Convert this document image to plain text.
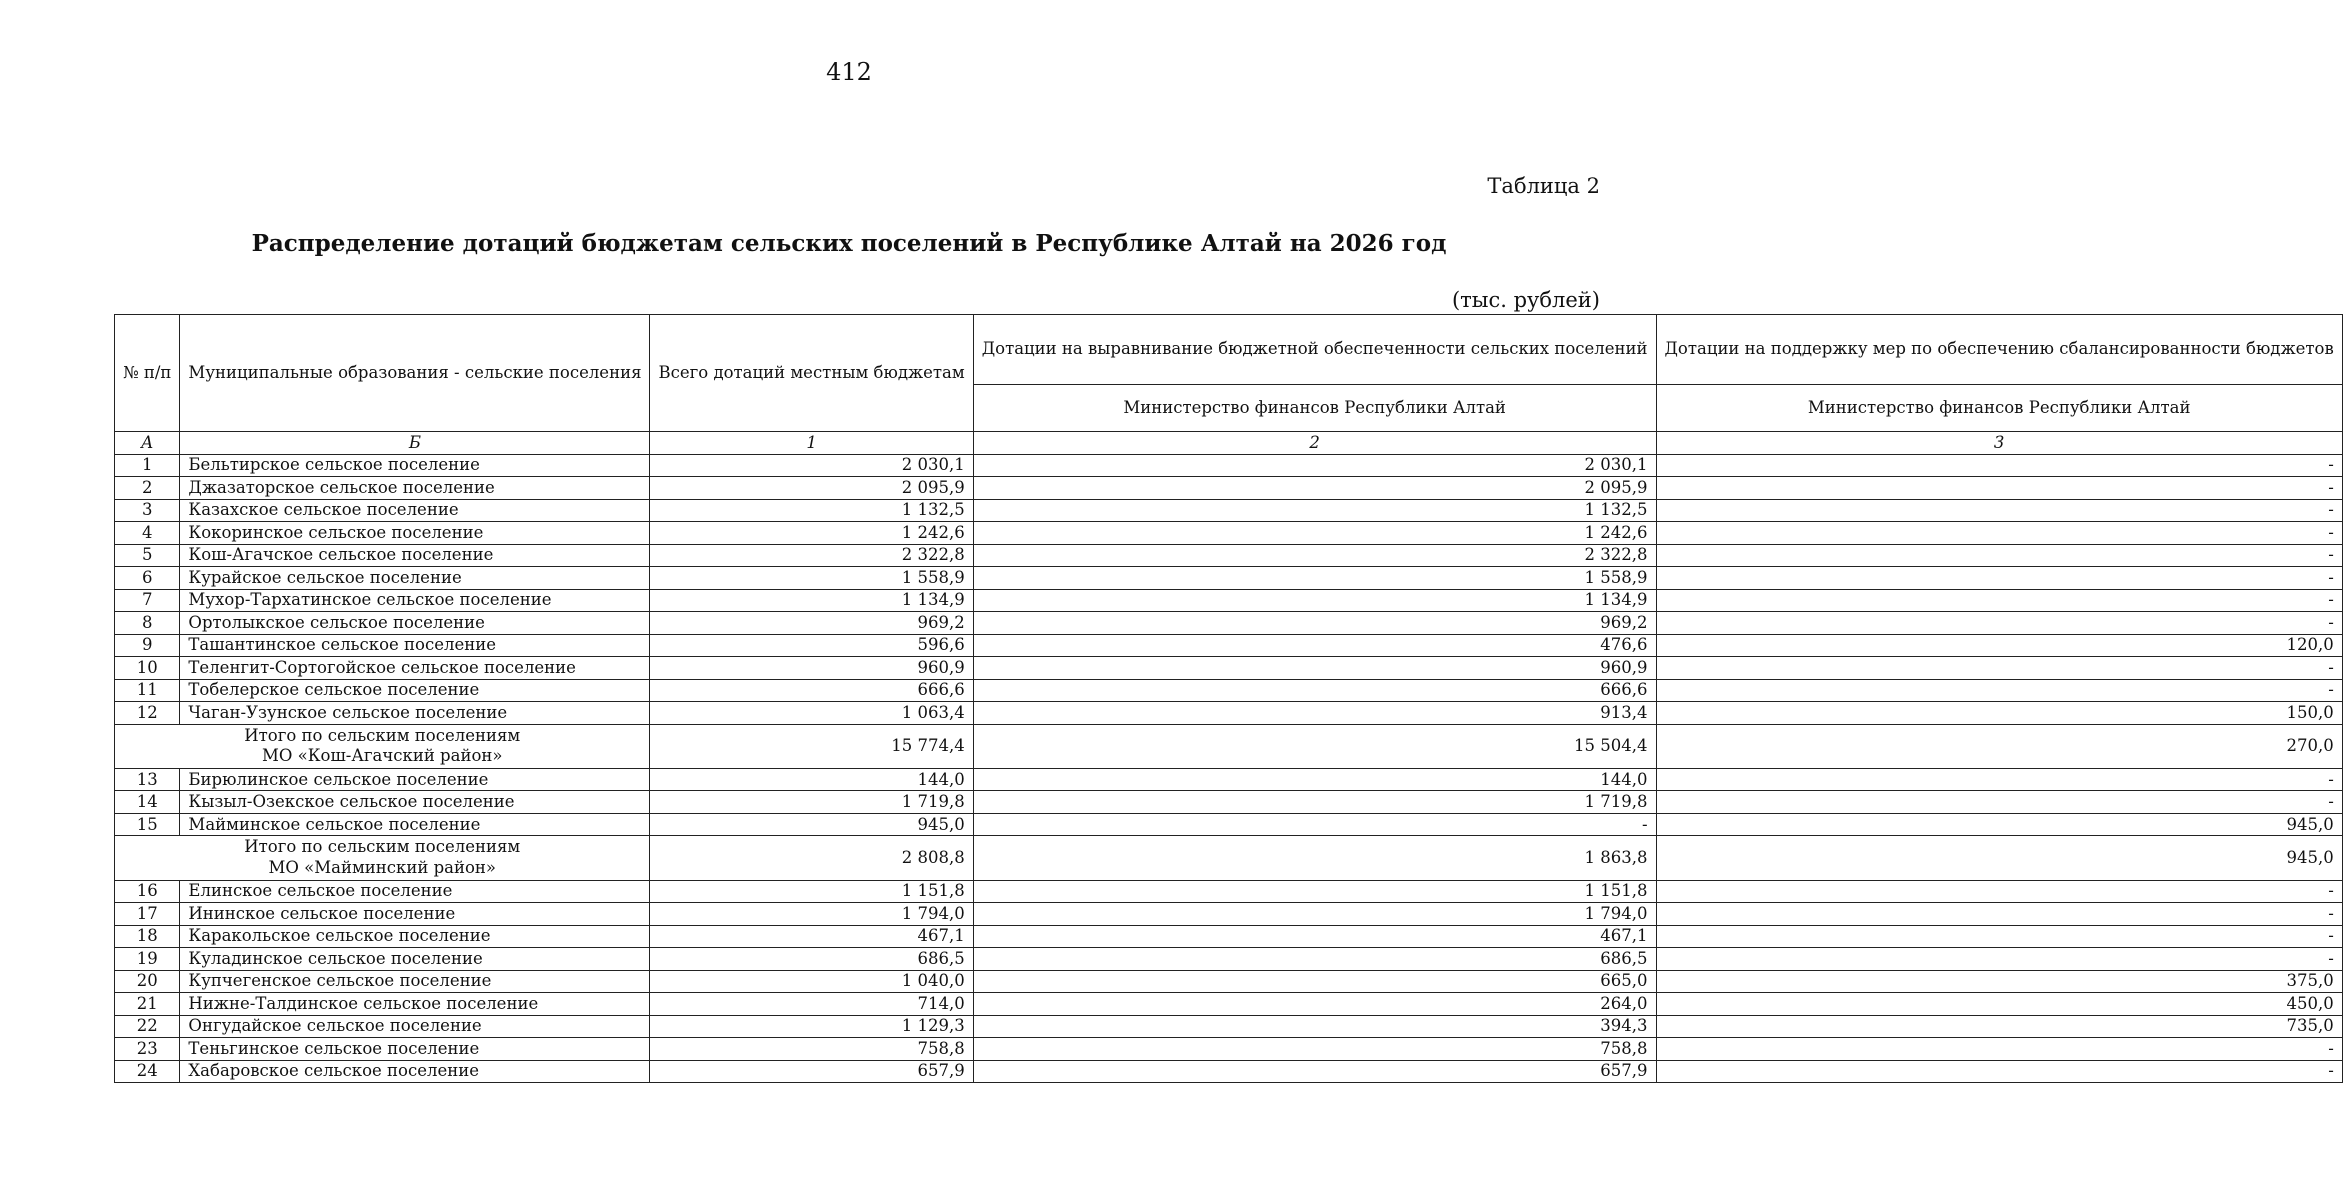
412
Таблица 2
Распределение дотаций бюджетам сельских поселений в Республике Алтай на 2026 год
(тыс. рублей)
№ п/п	Муниципальные образования - сельские поселения	Всего дотаций местным бюджетам	Дотации на выравнивание бюджетной обеспеченности сельских поселений	Дотации на поддержку мер по обеспечению сбалансированности бюджетов
			Министерство финансов Республики Алтай	Министерство финансов Республики Алтай
А	Б	1	2	3
1	Бельтирское сельское поселение	2 030,1	2 030,1	-
2	Джазаторское сельское поселение	2 095,9	2 095,9	-
3	Казахское сельское поселение	1 132,5	1 132,5	-
4	Кокоринское сельское поселение	1 242,6	1 242,6	-
5	Кош-Агачское сельское поселение	2 322,8	2 322,8	-
6	Курайское сельское поселение	1 558,9	1 558,9	-
7	Мухор-Тархатинское сельское поселение	1 134,9	1 134,9	-
8	Ортолыкское сельское поселение	969,2	969,2	-
9	Ташантинское сельское поселение	596,6	476,6	120,0
10	Теленгит-Сортогойское сельское поселение	960,9	960,9	-
11	Тобелерское сельское поселение	666,6	666,6	-
12	Чаган-Узунское сельское поселение	1 063,4	913,4	150,0

Итого по сельским поселениям
МО «Кош-Агачский район»		15 774,4	15 504,4	270,0
13	Бирюлинское сельское поселение	144,0	144,0	-
14	Кызыл-Озекское сельское поселение	1 719,8	1 719,8	-
15	Майминское сельское поселение	945,0	-	945,0

Итого по сельским поселениям
МО «Майминский район»		2 808,8	1 863,8	945,0
16	Елинское сельское поселение	1 151,8	1 151,8	-
17	Ининское сельское поселение	1 794,0	1 794,0	-
18	Каракольское сельское поселение	467,1	467,1	-
19	Куладинское сельское поселение	686,5	686,5	-
20	Купчегенское сельское поселение	1 040,0	665,0	375,0
21	Нижне-Талдинское сельское поселение	714,0	264,0	450,0
22	Онгудайское сельское поселение	1 129,3	394,3	735,0
23	Теньгинское сельское поселение	758,8	758,8	-
24	Хабаровское сельское поселение	657,9	657,9	-
